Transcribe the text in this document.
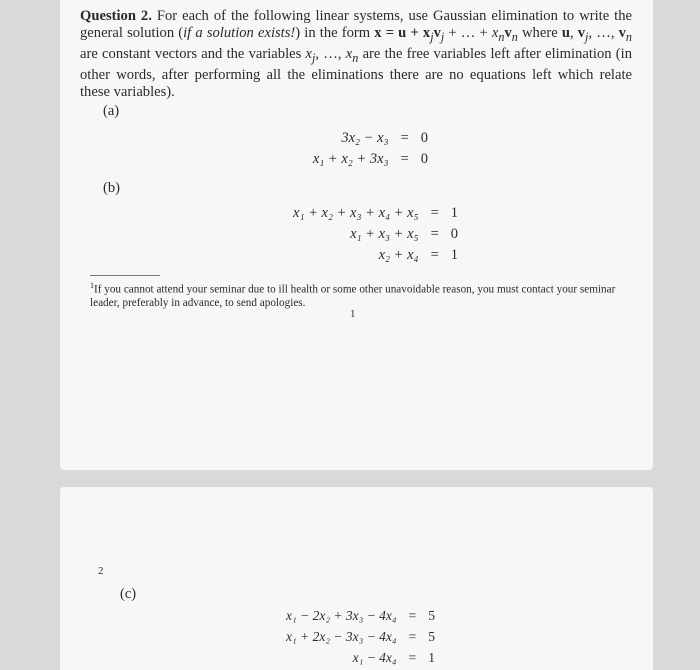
Question 2. For each of the following linear systems, use Gaussian elimination to write the general solution (if a solution exists!) in the form $x = u + x_jv_j$ + … + $x_nv_n$ where u, $v_j$, …, $v_n$ are constant vectors and the variables $x_j$, …, $x_n$ are the free variables left after elimination (in other words, after performing all the eliminations there are no equations left which relate these variables).
(a)
3x₂ − x₃	=	0
x₁ + x₂ + 3x₃	=	0
(b)
x₁ + x₂ + x₃ + x₄ + x₅	=	1
x₁ + x₃ + x₅	=	0
x₂ + x₄	=	1
$^1$If you cannot attend your seminar due to ill health or some other unavoidable reason, you must contact your seminar leader, preferably in advance, to send apologies.
1
2
(c)
x₁ − 2x₂ + 3x₃ − 4x₄	=	5
x₁ + 2x₂ − 3x₃ − 4x₄	=	5
x₁ − 4x₄	=	1
